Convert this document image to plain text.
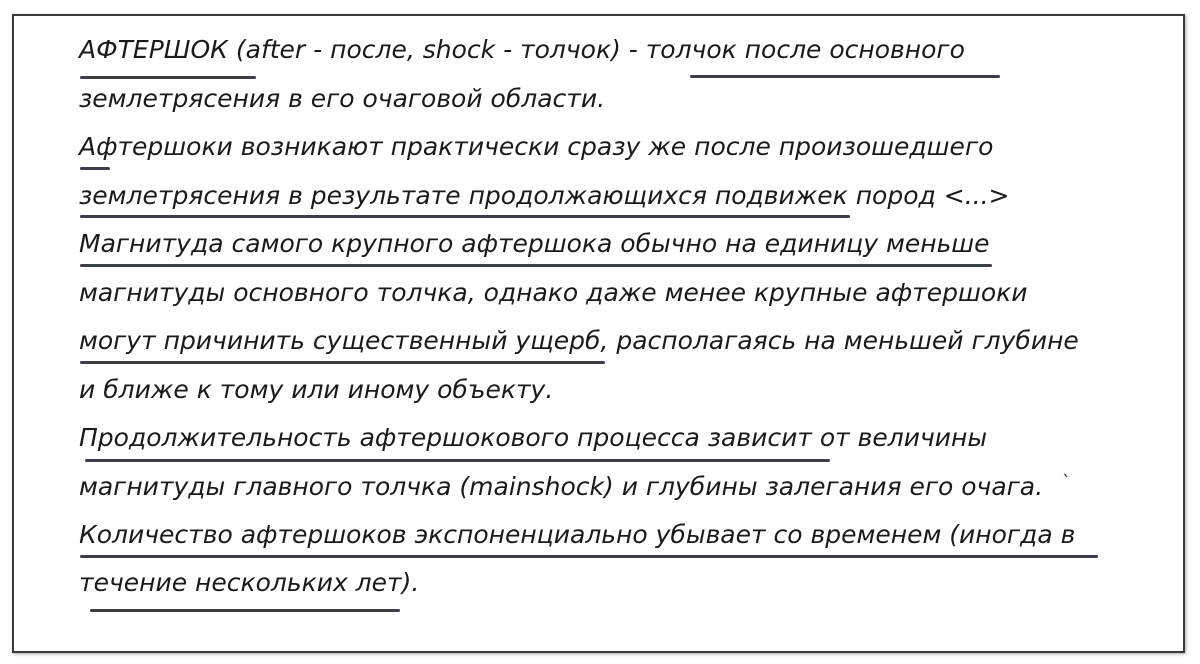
АФТЕРШОК (after - после, shock - толчок) - толчок после основного
землетрясения в его очаговой области.
Афтершоки возникают практически сразу же после произошедшего
землетрясения в результате продолжающихся подвижек пород <...>
Магнитуда самого крупного афтершока обычно на единицу меньше
магнитуды основного толчка, однако даже менее крупные афтершоки
могут причинить существенный ущерб, располагаясь на меньшей глубине
и ближе к тому или иному объекту.
Продолжительность афтершокового процесса зависит от величины
магнитуды главного толчка (mainshock) и глубины залегания его очага.
Количество афтершоков экспоненциально убывает со временем (иногда в
течение нескольких лет).
`
